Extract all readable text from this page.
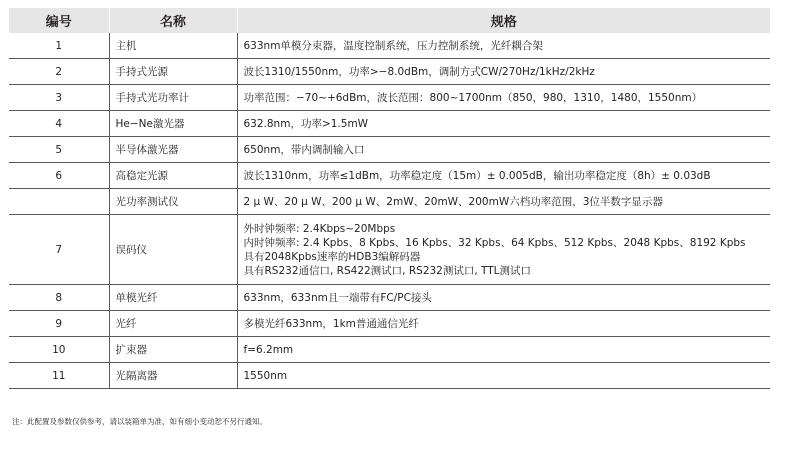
编号	名称	规格
1	主机	633nm单模分束器，温度控制系统，压力控制系统，光纤耦合架

2	手持式光源	波长1310/1550nm，功率>−8.0dBm，调制方式CW/270Hz/1kHz/2kHz

3	手持式光功率计	功率范围：−70~+6dBm，波长范围：800~1700nm（850，980，1310，1480，1550nm）

4	He−Ne激光器	632.8nm，功率>1.5mW

5	半导体激光器	650nm，带内调制输入口

6	高稳定光源	波长1310nm，功率≤1dBm，功率稳定度（15m）± 0.005dB，输出功率稳定度（8h）± 0.03dB

	光功率测试仪	2 μ W、20 μ W、200 μ W、2mW、20mW、200mW六档功率范围，3位半数字显示器

7	误码仪	外时钟频率: 2.4Kbps~20Mbps
内时钟频率: 2.4 Kpbs、8 Kpbs、16 Kpbs、32 Kpbs、64 Kpbs、512 Kpbs、2048 Kpbs、8192 Kpbs
具有2048Kpbs速率的HDB3编解码器
具有RS232通信口, RS422测试口, RS232测试口, TTL测试口

8	单模光纤	633nm，633nm且一端带有FC/PC接头

9	光纤	多模光纤633nm，1km普通通信光纤

10	扩束器	f=6.2mm

11	光隔离器	1550nm
注：此配置及参数仅供参考，请以装箱单为准，如有细小变动恕不另行通知。
